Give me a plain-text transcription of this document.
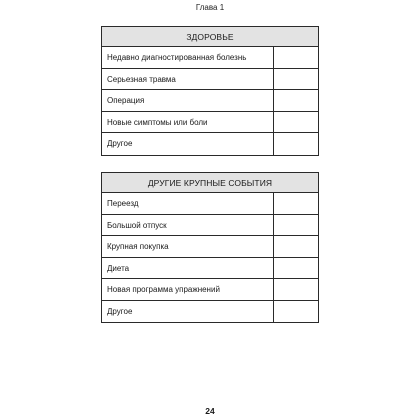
Глава 1
ЗДОРОВЬЕ
Недавно диагностированная болезнь
Серьезная травма
Операция
Новые симптомы или боли
Другое
ДРУГИЕ КРУПНЫЕ СОБЫТИЯ
Переезд
Большой отпуск
Крупная покупка
Диета
Новая программа упражнений
Другое
24
